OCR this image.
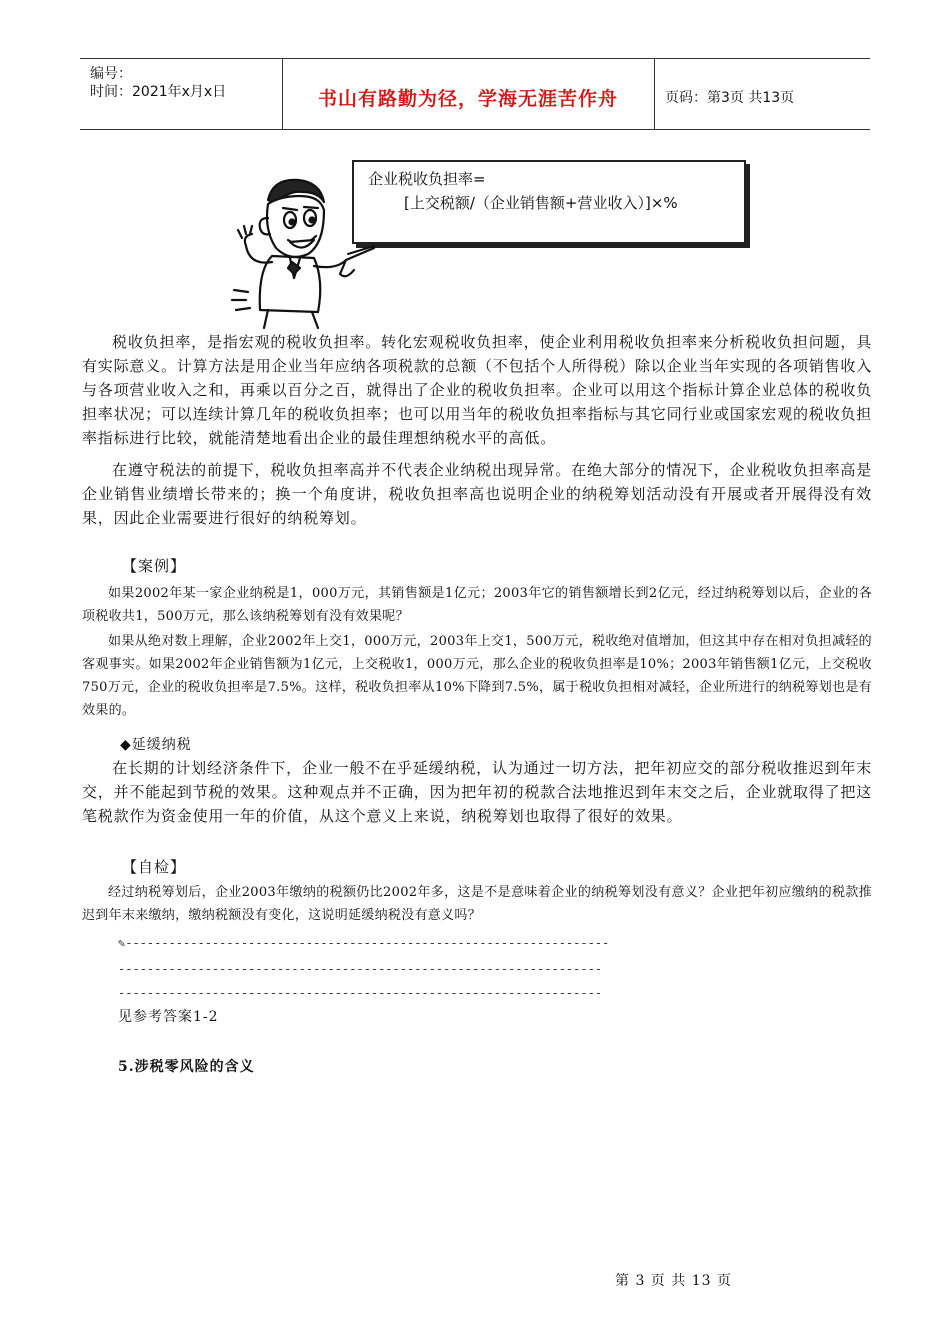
编号：
时间：2021年x月x日	书山有路勤为径，学海无涯苦作舟	页码：第3页 共13页
企业税收负担率=
[上交税额/（企业销售额+营业收入）]×%

税收负担率，是指宏观的税收负担率。转化宏观税收负担率，使企业利用税收负担率来分析税收负担问题，具有实际意义。计算方法是用企业当年应纳各项税款的总额（不包括个人所得税）除以企业当年实现的各项销售收入与各项营业收入之和，再乘以百分之百，就得出了企业的税收负担率。企业可以用这个指标计算企业总体的税收负担率状况；可以连续计算几年的税收负担率；也可以用当年的税收负担率指标与其它同行业或国家宏观的税收负担率指标进行比较，就能清楚地看出企业的最佳理想纳税水平的高低。

在遵守税法的前提下，税收负担率高并不代表企业纳税出现异常。在绝大部分的情况下，企业税收负担率高是企业销售业绩增长带来的；换一个角度讲，税收负担率高也说明企业的纳税筹划活动没有开展或者开展得没有效果，因此企业需要进行很好的纳税筹划。

【案例】

如果2002年某一家企业纳税是1，000万元，其销售额是1亿元；2003年它的销售额增长到2亿元，经过纳税筹划以后，企业的各项税收共1，500万元，那么该纳税筹划有没有效果呢？

如果从绝对数上理解，企业2002年上交1，000万元，2003年上交1，500万元，税收绝对值增加，但这其中存在相对负担减轻的客观事实。如果2002年企业销售额为1亿元，上交税收1，000万元，那么企业的税收负担率是10%；2003年销售额1亿元，上交税收750万元，企业的税收负担率是7.5%。这样，税收负担率从10%下降到7.5%，属于税收负担相对减轻，企业所进行的纳税筹划也是有效果的。

◆延缓纳税

在长期的计划经济条件下，企业一般不在乎延缓纳税，认为通过一切方法，把年初应交的部分税收推迟到年末交，并不能起到节税的效果。这种观点并不正确，因为把年初的税款合法地推迟到年末交之后，企业就取得了把这笔税款作为资金使用一年的价值，从这个意义上来说，纳税筹划也取得了很好的效果。

【自检】

经过纳税筹划后，企业2003年缴纳的税额仍比2002年多，这是不是意味着企业的纳税筹划没有意义？企业把年初应缴纳的税款推迟到年末来缴纳，缴纳税额没有变化，这说明延缓纳税没有意义吗？

✎-------------------------------------------------------------------
-------------------------------------------------------------------
-------------------------------------------------------------------
见参考答案1-2
5.涉税零风险的含义
第 3 页 共 13 页
